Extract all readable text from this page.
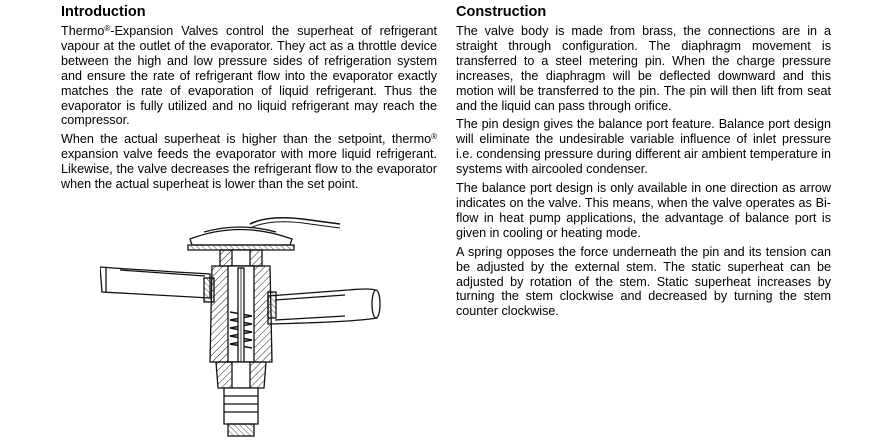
Introduction

Thermo®-Expansion Valves control the superheat of refrigerant vapour at the outlet of the evaporator. They act as a throttle device between the high and low pressure sides of refrigeration system and ensure the rate of refrigerant flow into the evaporator exactly matches the rate of evaporation of liquid refrigerant. Thus the evaporator is fully utilized and no liquid refrigerant may reach the compressor.

When the actual superheat is higher than the setpoint, thermo® expansion valve feeds the evaporator with more liquid refrigerant. Likewise, the valve decreases the refrigerant flow to the evaporator when the actual superheat is lower than the set point.

Construction

The valve body is made from brass, the connections are in a straight through configuration. The diaphragm movement is transferred to a steel metering pin. When the charge pressure increases, the diaphragm will be deflected downward and this motion will be transferred to the pin. The pin will then lift from seat and the liquid can pass through orifice.

The pin design gives the balance port feature. Balance port design will eliminate the undesirable variable influence of inlet pressure i.e. condensing pressure during different air ambient temperature in systems with aircooled condenser.

The balance port design is only available in one direction as arrow indicates on the valve. This means, when the valve operates as Bi-flow in heat pump applications, the advantage of balance port is given in cooling or heating mode.

A spring opposes the force underneath the pin and its tension can be adjusted by the external stem. The static superheat can be adjusted by rotation of the stem. Static superheat increases by turning the stem clockwise and decreased by turning the stem counter clockwise.
